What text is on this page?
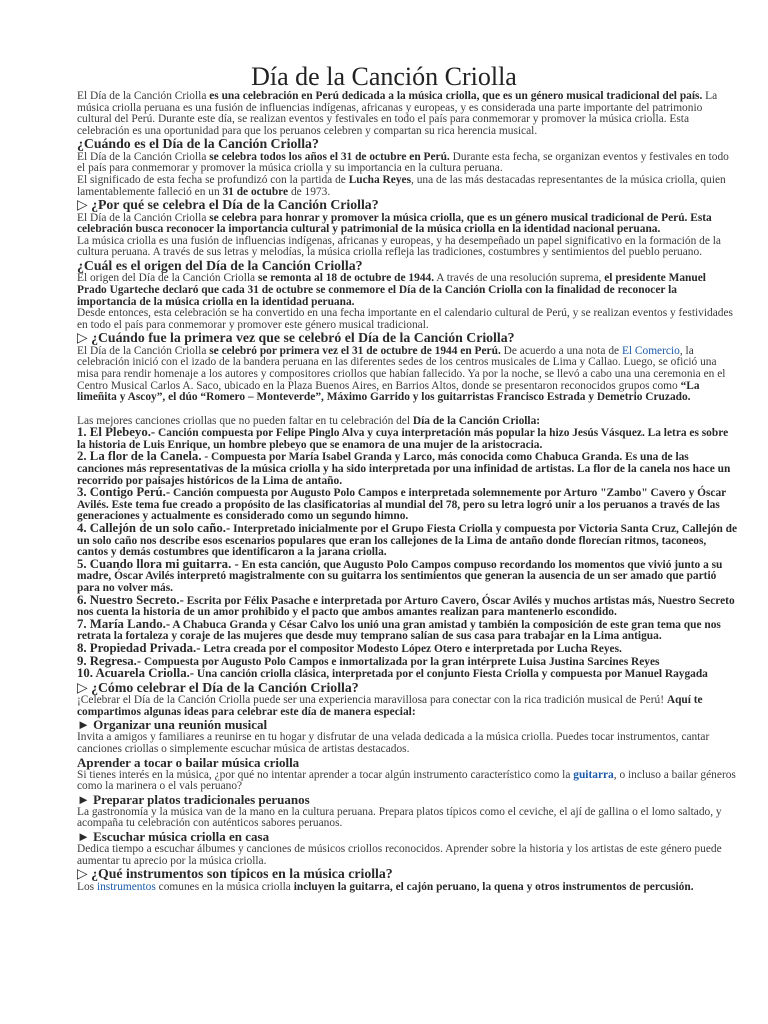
Día de la Canción Criolla

El Día de la Canción Criolla es una celebración en Perú dedicada a la música criolla, que es un género musical tradicional del país. La música criolla peruana es una fusión de influencias indígenas, africanas y europeas, y es considerada una parte importante del patrimonio cultural del Perú. Durante este día, se realizan eventos y festivales en todo el país para conmemorar y promover la música criolla. Esta celebración es una oportunidad para que los peruanos celebren y compartan su rica herencia musical.

¿Cuándo es el Día de la Canción Criolla?

El Día de la Canción Criolla se celebra todos los años el 31 de octubre en Perú. Durante esta fecha, se organizan eventos y festivales en todo el país para conmemorar y promover la música criolla y su importancia en la cultura peruana.

El significado de esta fecha se profundizó con la partida de Lucha Reyes, una de las más destacadas representantes de la música criolla, quien lamentablemente falleció en un 31 de octubre de 1973.

▷ ¿Por qué se celebra el Día de la Canción Criolla?

El Día de la Canción Criolla se celebra para honrar y promover la música criolla, que es un género musical tradicional de Perú. Esta celebración busca reconocer la importancia cultural y patrimonial de la música criolla en la identidad nacional peruana.

La música criolla es una fusión de influencias indígenas, africanas y europeas, y ha desempeñado un papel significativo en la formación de la cultura peruana. A través de sus letras y melodías, la música criolla refleja las tradiciones, costumbres y sentimientos del pueblo peruano.

¿Cuál es el origen del Día de la Canción Criolla?

El origen del Día de la Canción Criolla se remonta al 18 de octubre de 1944. A través de una resolución suprema, el presidente Manuel Prado Ugarteche declaró que cada 31 de octubre se conmemore el Día de la Canción Criolla con la finalidad de reconocer la importancia de la música criolla en la identidad peruana.

Desde entonces, esta celebración se ha convertido en una fecha importante en el calendario cultural de Perú, y se realizan eventos y festividades en todo el país para conmemorar y promover este género musical tradicional.

▷ ¿Cuándo fue la primera vez que se celebró el Día de la Canción Criolla?

El Día de la Canción Criolla se celebró por primera vez el 31 de octubre de 1944 en Perú. De acuerdo a una nota de El Comercio, la celebración inició con el izado de la bandera peruana en las diferentes sedes de los centros musicales de Lima y Callao. Luego, se ofició una misa para rendir homenaje a los autores y compositores criollos que habían fallecido. Ya por la noche, se llevó a cabo una una ceremonia en el Centro Musical Carlos A. Saco, ubicado en la Plaza Buenos Aires, en Barrios Altos, donde se presentaron reconocidos grupos como “La limeñita y Ascoy”, el dúo “Romero – Monteverde”, Máximo Garrido y los guitarristas Francisco Estrada y Demetrio Cruzado.

Las mejores canciones criollas que no pueden faltar en tu celebración del Día de la Canción Criolla:

1. El Plebeyo.- Canción compuesta por Felipe Pinglo Alva y cuya interpretación más popular la hizo Jesús Vásquez. La letra es sobre la historia de Luis Enrique, un hombre plebeyo que se enamora de una mujer de la aristocracia.

2. La flor de la Canela. - Compuesta por María Isabel Granda y Larco, más conocida como Chabuca Granda. Es una de las canciones más representativas de la música criolla y ha sido interpretada por una infinidad de artistas. La flor de la canela nos hace un recorrido por paisajes históricos de la Lima de antaño.

3. Contigo Perú.- Canción compuesta por Augusto Polo Campos e interpretada solemnemente por Arturo "Zambo" Cavero y Óscar Avilés. Este tema fue creado a propósito de las clasificatorias al mundial del 78, pero su letra logró unir a los peruanos a través de las generaciones y actualmente es considerado como un segundo himno.

4. Callejón de un solo caño.- Interpretado inicialmente por el Grupo Fiesta Criolla y compuesta por Victoria Santa Cruz, Callejón de un solo caño nos describe esos escenarios populares que eran los callejones de la Lima de antaño donde florecían ritmos, taconeos, cantos y demás costumbres que identificaron a la jarana criolla.

5. Cuando llora mi guitarra. - En esta canción, que Augusto Polo Campos compuso recordando los momentos que vivió junto a su madre, Óscar Avilés interpretó magistralmente con su guitarra los sentimientos que generan la ausencia de un ser amado que partió para no volver más.

6. Nuestro Secreto.- Escrita por Félix Pasache e interpretada por Arturo Cavero, Óscar Avilés y muchos artistas más, Nuestro Secreto nos cuenta la historia de un amor prohibido y el pacto que ambos amantes realizan para mantenerlo escondido.

7. María Lando.- A Chabuca Granda y César Calvo los unió una gran amistad y también la composición de este gran tema que nos retrata la fortaleza y coraje de las mujeres que desde muy temprano salían de sus casa para trabajar en la Lima antigua.

8. Propiedad Privada.- Letra creada por el compositor Modesto López Otero e interpretada por Lucha Reyes.

9. Regresa.- Compuesta por Augusto Polo Campos e inmortalizada por la gran intérprete Luisa Justina Sarcines Reyes

10. Acuarela Criolla.- Una canción criolla clásica, interpretada por el conjunto Fiesta Criolla y compuesta por Manuel Raygada

▷ ¿Cómo celebrar el Día de la Canción Criolla?

¡Celebrar el Día de la Canción Criolla puede ser una experiencia maravillosa para conectar con la rica tradición musical de Perú! Aquí te compartimos algunas ideas para celebrar este día de manera especial:

► Organizar una reunión musical

Invita a amigos y familiares a reunirse en tu hogar y disfrutar de una velada dedicada a la música criolla. Puedes tocar instrumentos, cantar canciones criollas o simplemente escuchar música de artistas destacados.

Aprender a tocar o bailar música criolla

Si tienes interés en la música, ¿por qué no intentar aprender a tocar algún instrumento característico como la guitarra, o incluso a bailar géneros como la marinera o el vals peruano?

► Preparar platos tradicionales peruanos

La gastronomía y la música van de la mano en la cultura peruana. Prepara platos típicos como el ceviche, el ají de gallina o el lomo saltado, y acompaña tu celebración con auténticos sabores peruanos.

► Escuchar música criolla en casa

Dedica tiempo a escuchar álbumes y canciones de músicos criollos reconocidos. Aprender sobre la historia y los artistas de este género puede aumentar tu aprecio por la música criolla.

▷ ¿Qué instrumentos son típicos en la música criolla?

Los instrumentos comunes en la música criolla incluyen la guitarra, el cajón peruano, la quena y otros instrumentos de percusión.
